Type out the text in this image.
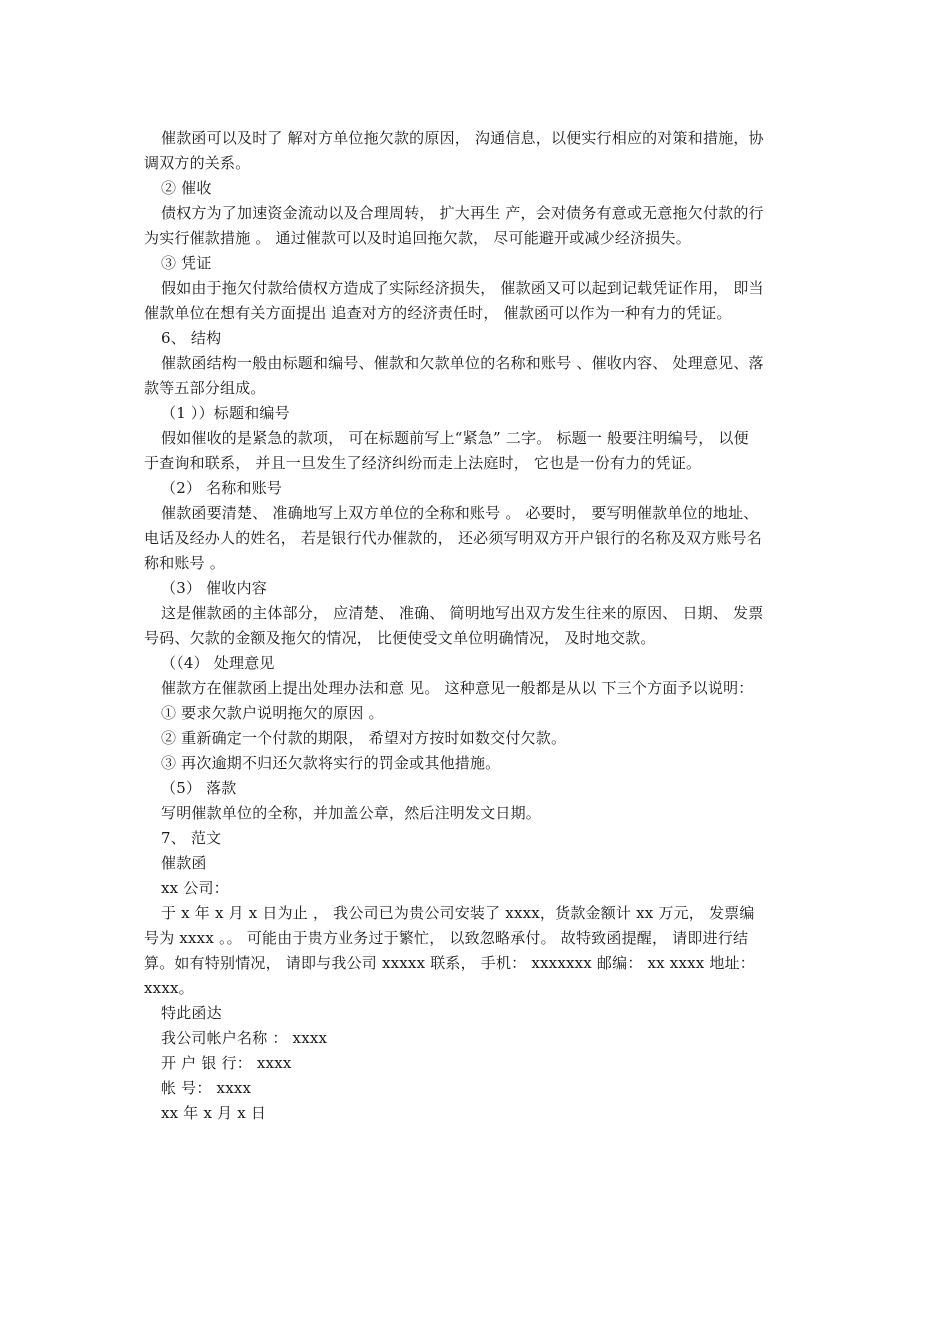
催款函可以及时了 解对方单位拖欠款的原因， 沟通信息，以便实行相应的对策和措施，协
调双方的关系。
② 催收
债权方为了加速资金流动以及合理周转， 扩大再生 产，会对债务有意或无意拖欠付款的行
为实行催款措施 。 通过催款可以及时追回拖欠款， 尽可能避开或减少经济损失。
③ 凭证
假如由于拖欠付款给债权方造成了实际经济损失， 催款函又可以起到记载凭证作用， 即当
催款单位在想有关方面提出 追查对方的经济责任时， 催款函可以作为一种有力的凭证。
6、 结构
催款函结构一般由标题和编号、催款和欠款单位的名称和账号 、催收内容、 处理意见、落
款等五部分组成。
（1 ））标题和编号
假如催收的是紧急的款项， 可在标题前写上“紧急” 二字。 标题一 般要注明编号， 以便
于查询和联系， 并且一旦发生了经济纠纷而走上法庭时， 它也是一份有力的凭证。
（2） 名称和账号
催款函要清楚、 准确地写上双方单位的全称和账号 。 必要时， 要写明催款单位的地址、
电话及经办人的姓名， 若是银行代办催款的， 还必须写明双方开户银行的名称及双方账号名
称和账号 。
（3） 催收内容
这是催款函的主体部分， 应清楚、 准确、 简明地写出双方发生往来的原因、 日期、 发票
号码、欠款的金额及拖欠的情况， 比便使受文单位明确情况， 及时地交款。
（（4） 处理意见
催款方在催款函上提出处理办法和意 见。 这种意见一般都是从以 下三个方面予以说明：
① 要求欠款户说明拖欠的原因 。
② 重新确定一个付款的期限， 希望对方按时如数交付欠款。
③ 再次逾期不归还欠款将实行的罚金或其他措施。
（5） 落款
写明催款单位的全称，并加盖公章，然后注明发文日期。
7、 范文
催款函
xx 公司：
于 x 年 x 月 x 日为止 ， 我公司已为贵公司安装了 xxxx，货款金额计 xx 万元， 发票编
号为 xxxx 。。 可能由于贵方业务过于繁忙， 以致忽略承付。 故特致函提醒， 请即进行结
算。如有特别情况， 请即与我公司 xxxxx 联系， 手机： xxxxxxx 邮编： xx xxxx 地址：
xxxx。
特此函达
我公司帐户名称 ： xxxx
开 户 银 行： xxxx
帐 号： xxxx
xx 年 x 月 x 日
